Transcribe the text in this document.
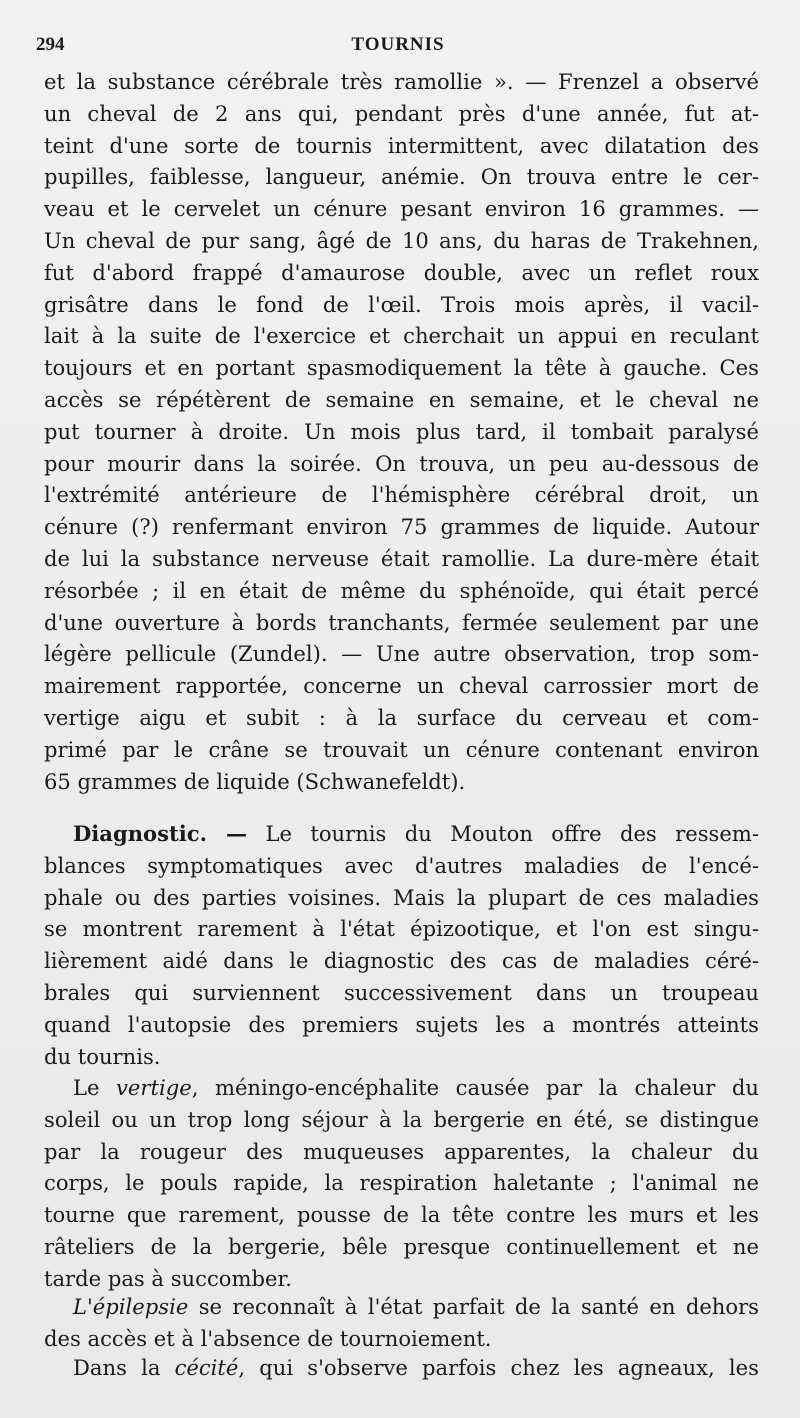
294	TOURNIS
et la substance cérébrale très ramollie ». — Frenzel a observé
un cheval de 2 ans qui, pendant près d'une année, fut at-
teint d'une sorte de tournis intermittent, avec dilatation des
pupilles, faiblesse, langueur, anémie. On trouva entre le cer-
veau et le cervelet un cénure pesant environ 16 grammes. —
Un cheval de pur sang, âgé de 10 ans, du haras de Trakehnen,
fut d'abord frappé d'amaurose double, avec un reflet roux
grisâtre dans le fond de l'œil. Trois mois après, il vacil-
lait à la suite de l'exercice et cherchait un appui en reculant
toujours et en portant spasmodiquement la tête à gauche. Ces
accès se répétèrent de semaine en semaine, et le cheval ne
put tourner à droite. Un mois plus tard, il tombait paralysé
pour mourir dans la soirée. On trouva, un peu au-dessous de
l'extrémité antérieure de l'hémisphère cérébral droit, un
cénure (?) renfermant environ 75 grammes de liquide. Autour
de lui la substance nerveuse était ramollie. La dure-mère était
résorbée ; il en était de même du sphénoïde, qui était percé
d'une ouverture à bords tranchants, fermée seulement par une
légère pellicule (Zundel). — Une autre observation, trop som-
mairement rapportée, concerne un cheval carrossier mort de
vertige aigu et subit : à la surface du cerveau et com-
primé par le crâne se trouvait un cénure contenant environ
65 grammes de liquide (Schwanefeldt).
Diagnostic. — Le tournis du Mouton offre des ressem-
blances symptomatiques avec d'autres maladies de l'encé-
phale ou des parties voisines. Mais la plupart de ces maladies
se montrent rarement à l'état épizootique, et l'on est singu-
lièrement aidé dans le diagnostic des cas de maladies céré-
brales qui surviennent successivement dans un troupeau
quand l'autopsie des premiers sujets les a montrés atteints
du tournis.
Le vertige, méningo-encéphalite causée par la chaleur du
soleil ou un trop long séjour à la bergerie en été, se distingue
par la rougeur des muqueuses apparentes, la chaleur du
corps, le pouls rapide, la respiration haletante ; l'animal ne
tourne que rarement, pousse de la tête contre les murs et les
râteliers de la bergerie, bêle presque continuellement et ne
tarde pas à succomber.
L'épilepsie se reconnaît à l'état parfait de la santé en dehors
des accès et à l'absence de tournoiement.
Dans la cécité, qui s'observe parfois chez les agneaux, les
